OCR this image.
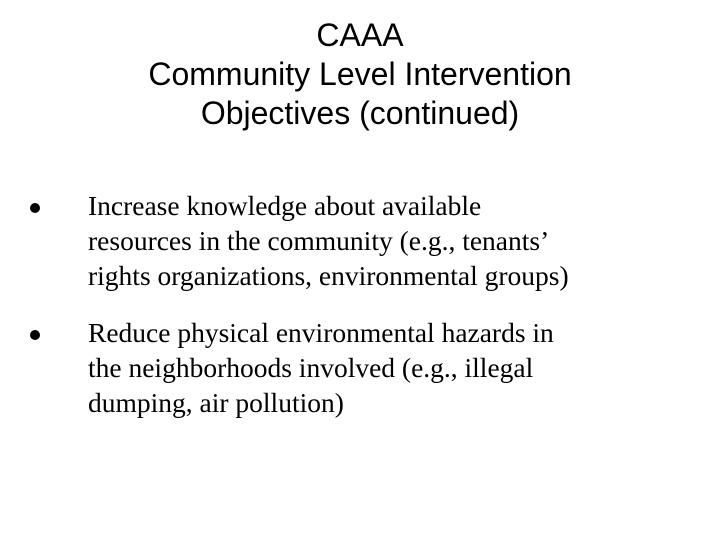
CAAA
Community Level Intervention
Objectives (continued)
Increase knowledge about available
resources in the community (e.g., tenants’
rights organizations, environmental groups)
Reduce physical environmental hazards in
the neighborhoods involved (e.g., illegal
dumping, air pollution)
